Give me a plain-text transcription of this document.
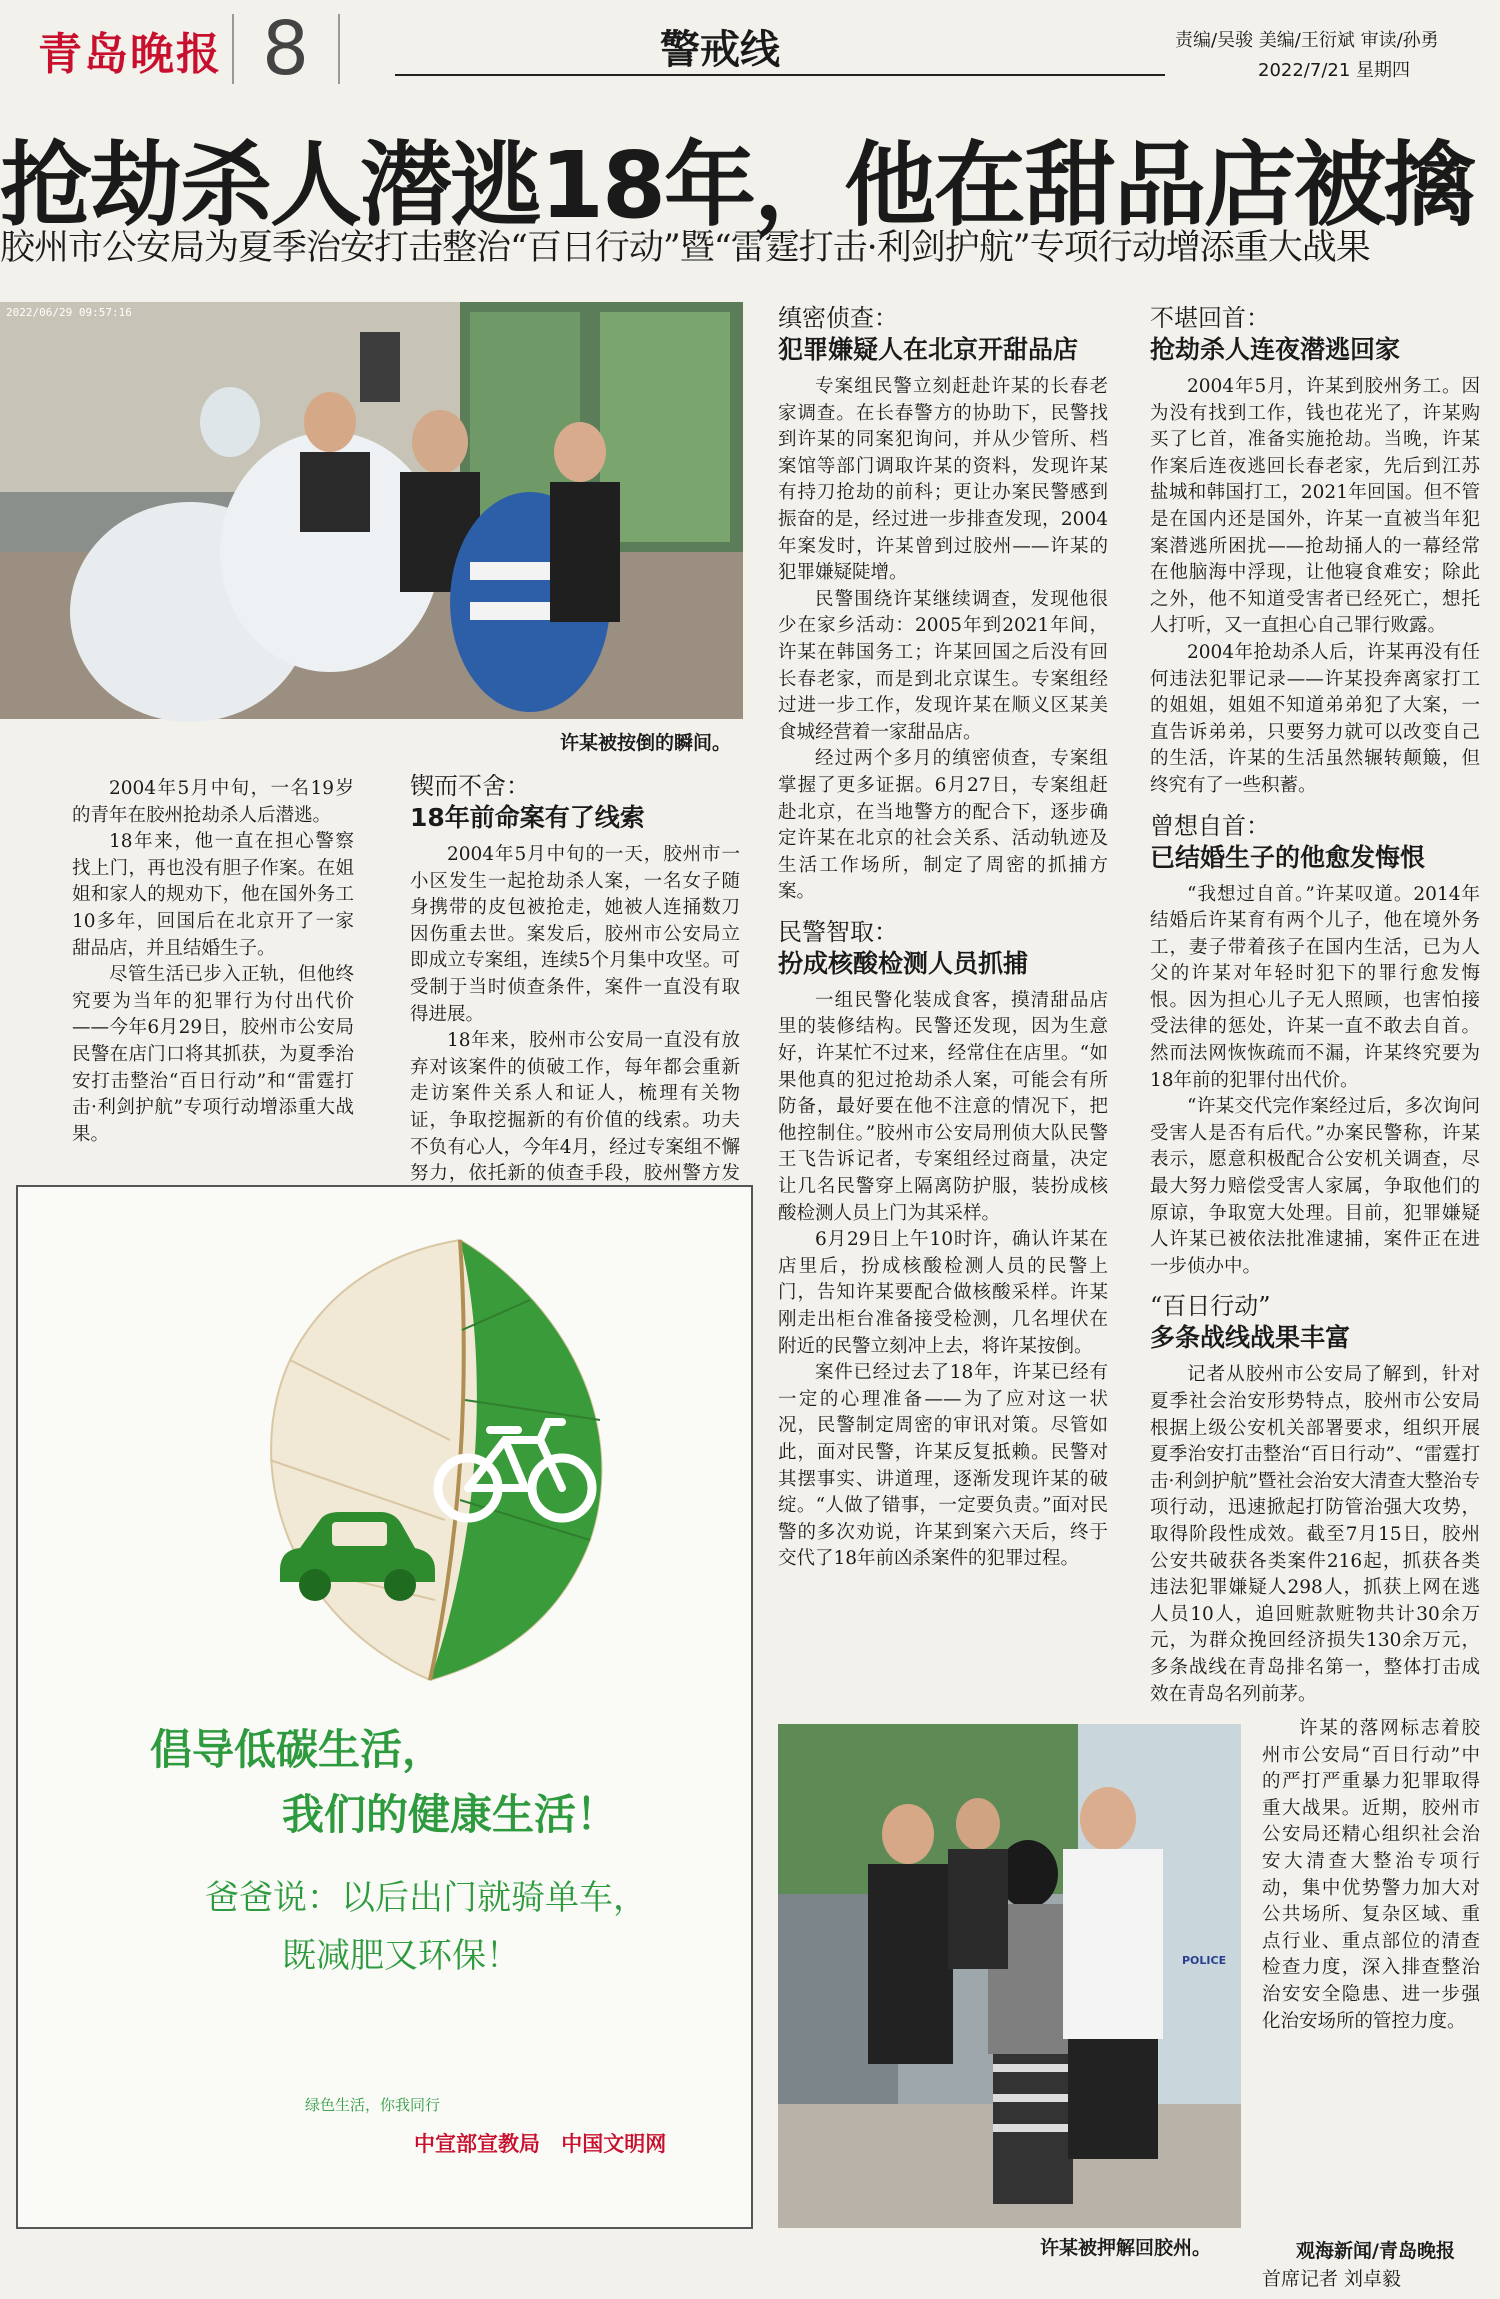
青岛晚报 8	警戒线	责编/吴骏 美编/王衍斌 审读/孙勇
2022/7/21 星期四
抢劫杀人潜逃18年，他在甜品店被擒
胶州市公安局为夏季治安打击整治“百日行动”暨“雷霆打击·利剑护航”专项行动增添重大战果
2022/06/29 09:57:16
许某被按倒的瞬间。

2004年5月中旬，一名19岁的青年在胶州抢劫杀人后潜逃。

18年来，他一直在担心警察找上门，再也没有胆子作案。在姐姐和家人的规劝下，他在国外务工10多年，回国后在北京开了一家甜品店，并且结婚生子。

尽管生活已步入正轨，但他终究要为当年的犯罪行为付出代价——今年6月29日，胶州市公安局民警在店门口将其抓获，为夏季治安打击整治“百日行动”和“雷霆打击·利剑护航”专项行动增添重大战果。

锲而不舍：
18年前命案有了线索

2004年5月中旬的一天，胶州市一小区发生一起抢劫杀人案，一名女子随身携带的皮包被抢走，她被人连捅数刀因伤重去世。案发后，胶州市公安局立即成立专案组，连续5个月集中攻坚。可受制于当时侦查条件，案件一直没有取得进展。

18年来，胶州市公安局一直没有放弃对该案件的侦破工作，每年都会重新走访案件关系人和证人，梳理有关物证，争取挖掘新的有价值的线索。功夫不负有心人，今年4月，经过专案组不懈努力，依托新的侦查手段，胶州警方发

缜密侦查：
犯罪嫌疑人在北京开甜品店

专案组民警立刻赶赴许某的长春老家调查。在长春警方的协助下，民警找到许某的同案犯询问，并从少管所、档案馆等部门调取许某的资料，发现许某有持刀抢劫的前科；更让办案民警感到振奋的是，经过进一步排查发现，2004年案发时，许某曾到过胶州——许某的犯罪嫌疑陡增。

民警围绕许某继续调查，发现他很少在家乡活动：2005年到2021年间，许某在韩国务工；许某回国之后没有回长春老家，而是到北京谋生。专案组经过进一步工作，发现许某在顺义区某美食城经营着一家甜品店。

经过两个多月的缜密侦查，专案组掌握了更多证据。6月27日，专案组赶赴北京，在当地警方的配合下，逐步确定许某在北京的社会关系、活动轨迹及生活工作场所，制定了周密的抓捕方案。

民警智取：
扮成核酸检测人员抓捕

一组民警化装成食客，摸清甜品店里的装修结构。民警还发现，因为生意好，许某忙不过来，经常住在店里。“如果他真的犯过抢劫杀人案，可能会有所防备，最好要在他不注意的情况下，把他控制住。”胶州市公安局刑侦大队民警王飞告诉记者，专案组经过商量，决定让几名民警穿上隔离防护服，装扮成核酸检测人员上门为其采样。

6月29日上午10时许，确认许某在店里后，扮成核酸检测人员的民警上门，告知许某要配合做核酸采样。许某刚走出柜台准备接受检测，几名埋伏在附近的民警立刻冲上去，将许某按倒。

案件已经过去了18年，许某已经有一定的心理准备——为了应对这一状况，民警制定周密的审讯对策。尽管如此，面对民警，许某反复抵赖。民警对其摆事实、讲道理，逐渐发现许某的破绽。“人做了错事，一定要负责。”面对民警的多次劝说，许某到案六天后，终于交代了18年前凶杀案件的犯罪过程。

不堪回首：
抢劫杀人连夜潜逃回家

2004年5月，许某到胶州务工。因为没有找到工作，钱也花光了，许某购买了匕首，准备实施抢劫。当晚，许某作案后连夜逃回长春老家，先后到江苏盐城和韩国打工，2021年回国。但不管是在国内还是国外，许某一直被当年犯案潜逃所困扰——抢劫捅人的一幕经常在他脑海中浮现，让他寝食难安；除此之外，他不知道受害者已经死亡，想托人打听，又一直担心自己罪行败露。

2004年抢劫杀人后，许某再没有任何违法犯罪记录——许某投奔离家打工的姐姐，姐姐不知道弟弟犯了大案，一直告诉弟弟，只要努力就可以改变自己的生活，许某的生活虽然辗转颠簸，但终究有了一些积蓄。

曾想自首：
已结婚生子的他愈发悔恨

“我想过自首。”许某叹道。2014年结婚后许某育有两个儿子，他在境外务工，妻子带着孩子在国内生活，已为人父的许某对年轻时犯下的罪行愈发悔恨。因为担心儿子无人照顾，也害怕接受法律的惩处，许某一直不敢去自首。然而法网恢恢疏而不漏，许某终究要为18年前的犯罪付出代价。

“许某交代完作案经过后，多次询问受害人是否有后代。”办案民警称，许某表示，愿意积极配合公安机关调查，尽最大努力赔偿受害人家属，争取他们的原谅，争取宽大处理。目前，犯罪嫌疑人许某已被依法批准逮捕，案件正在进一步侦办中。

“百日行动”
多条战线战果丰富

记者从胶州市公安局了解到，针对夏季社会治安形势特点，胶州市公安局根据上级公安机关部署要求，组织开展夏季治安打击整治“百日行动”、“雷霆打击·利剑护航”暨社会治安大清查大整治专项行动，迅速掀起打防管治强大攻势，取得阶段性成效。截至7月15日，胶州公安共破获各类案件216起，抓获各类违法犯罪嫌疑人298人，抓获上网在逃人员10人，追回赃款赃物共计30余万元，为群众挽回经济损失130余万元，多条战线在青岛排名第一，整体打击成效在青岛名列前茅。

许某的落网标志着胶州市公安局“百日行动”中的严打严重暴力犯罪取得重大战果。近期，胶州市公安局还精心组织社会治安大清查大整治专项行动，集中优势警力加大对公共场所、复杂区域、重点行业、重点部位的清查检查力度，深入排查整治治安安全隐患、进一步强化治安场所的管控力度。

POLICE
许某被押解回胶州。	观海新闻/青岛晚报
首席记者 刘卓毅
倡导低碳生活，
我们的健康生活！
爸爸说：以后出门就骑单车，
既减肥又环保！
绿色生活，你我同行
中宣部宣教局 中国文明网
